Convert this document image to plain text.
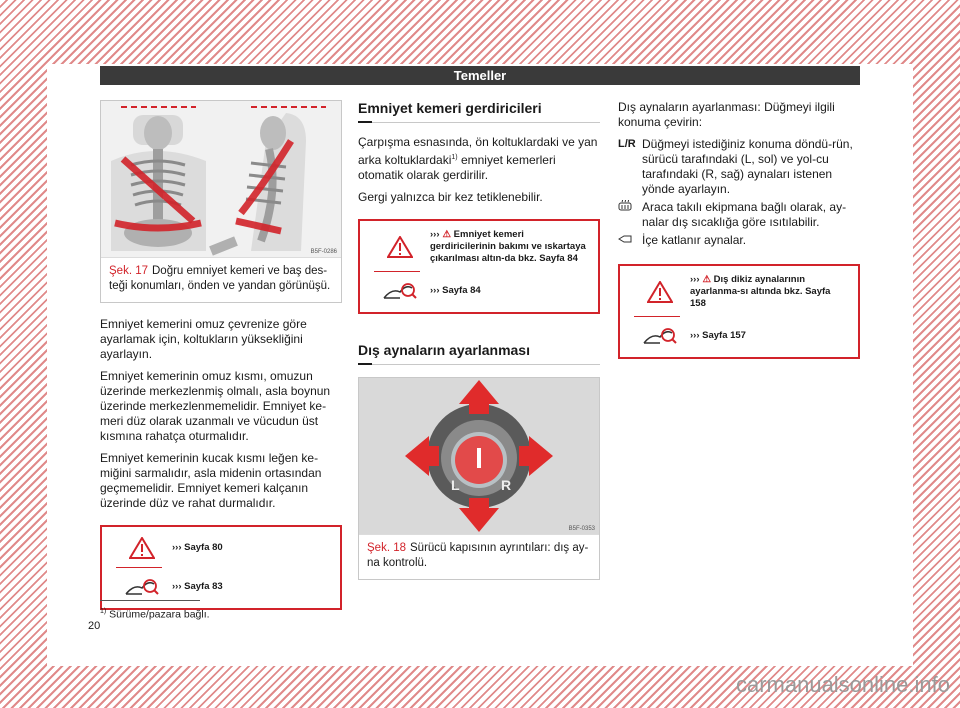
Temeller
B5F-0286
Şek. 17 Doğru emniyet kemeri ve baş des-teği konumları, önden ve yandan görünüşü.

Emniyet kemerini omuz çevrenize göre ayarlamak için, koltukların yüksekliğini ayarlayın.

Emniyet kemerinin omuz kısmı, omuzun üzerinde merkezlenmiş olmalı, asla boynun üzerinde merkezlenmemelidir. Emniyet ke-meri düz olarak uzanmalı ve vücudun üst kısmına rahatça oturmalıdır.

Emniyet kemerinin kucak kısmı leğen ke-miğini sarmalıdır, asla midenin ortasından geçmemelidir. Emniyet kemeri kalçanın üzerinde düz ve rahat durmalıdır.

››› Sayfa 80
››› Sayfa 83
Emniyet kemeri gerdiricileri

Çarpışma esnasında, ön koltuklardaki ve yan arka koltuklardaki$^{1)}$ emniyet kemerleri otomatik olarak gerdirilir.

Gergi yalnızca bir kez tetiklenebilir.

››› ⚠ Emniyet kemeri gerdiricilerinin bakımı ve ıskartaya çıkarılması altın-da bkz. Sayfa 84
››› Sayfa 84
Dış aynaların ayarlanması
L	R
B5F-0353
Şek. 18 Sürücü kapısının ayrıntıları: dış ay-na kontrolü.

Dış aynaların ayarlanması: Düğmeyi ilgili konuma çevirin:

L/R Düğmeyi istediğiniz konuma döndü-rün, sürücü tarafındaki (L, sol) ve yol-cu tarafındaki (R, sağ) aynaları istenen yönde ayarlayın.
Araca takılı ekipmana bağlı olarak, ay-nalar dış sıcaklığa göre ısıtılabilir.
İçe katlanır aynalar.
››› ⚠ Dış dikiz aynalarının ayarlanma-sı altında bkz. Sayfa 158
››› Sayfa 157
$^{1)}$ Sürüme/pazara bağlı.
20
carmanualsonline.info
